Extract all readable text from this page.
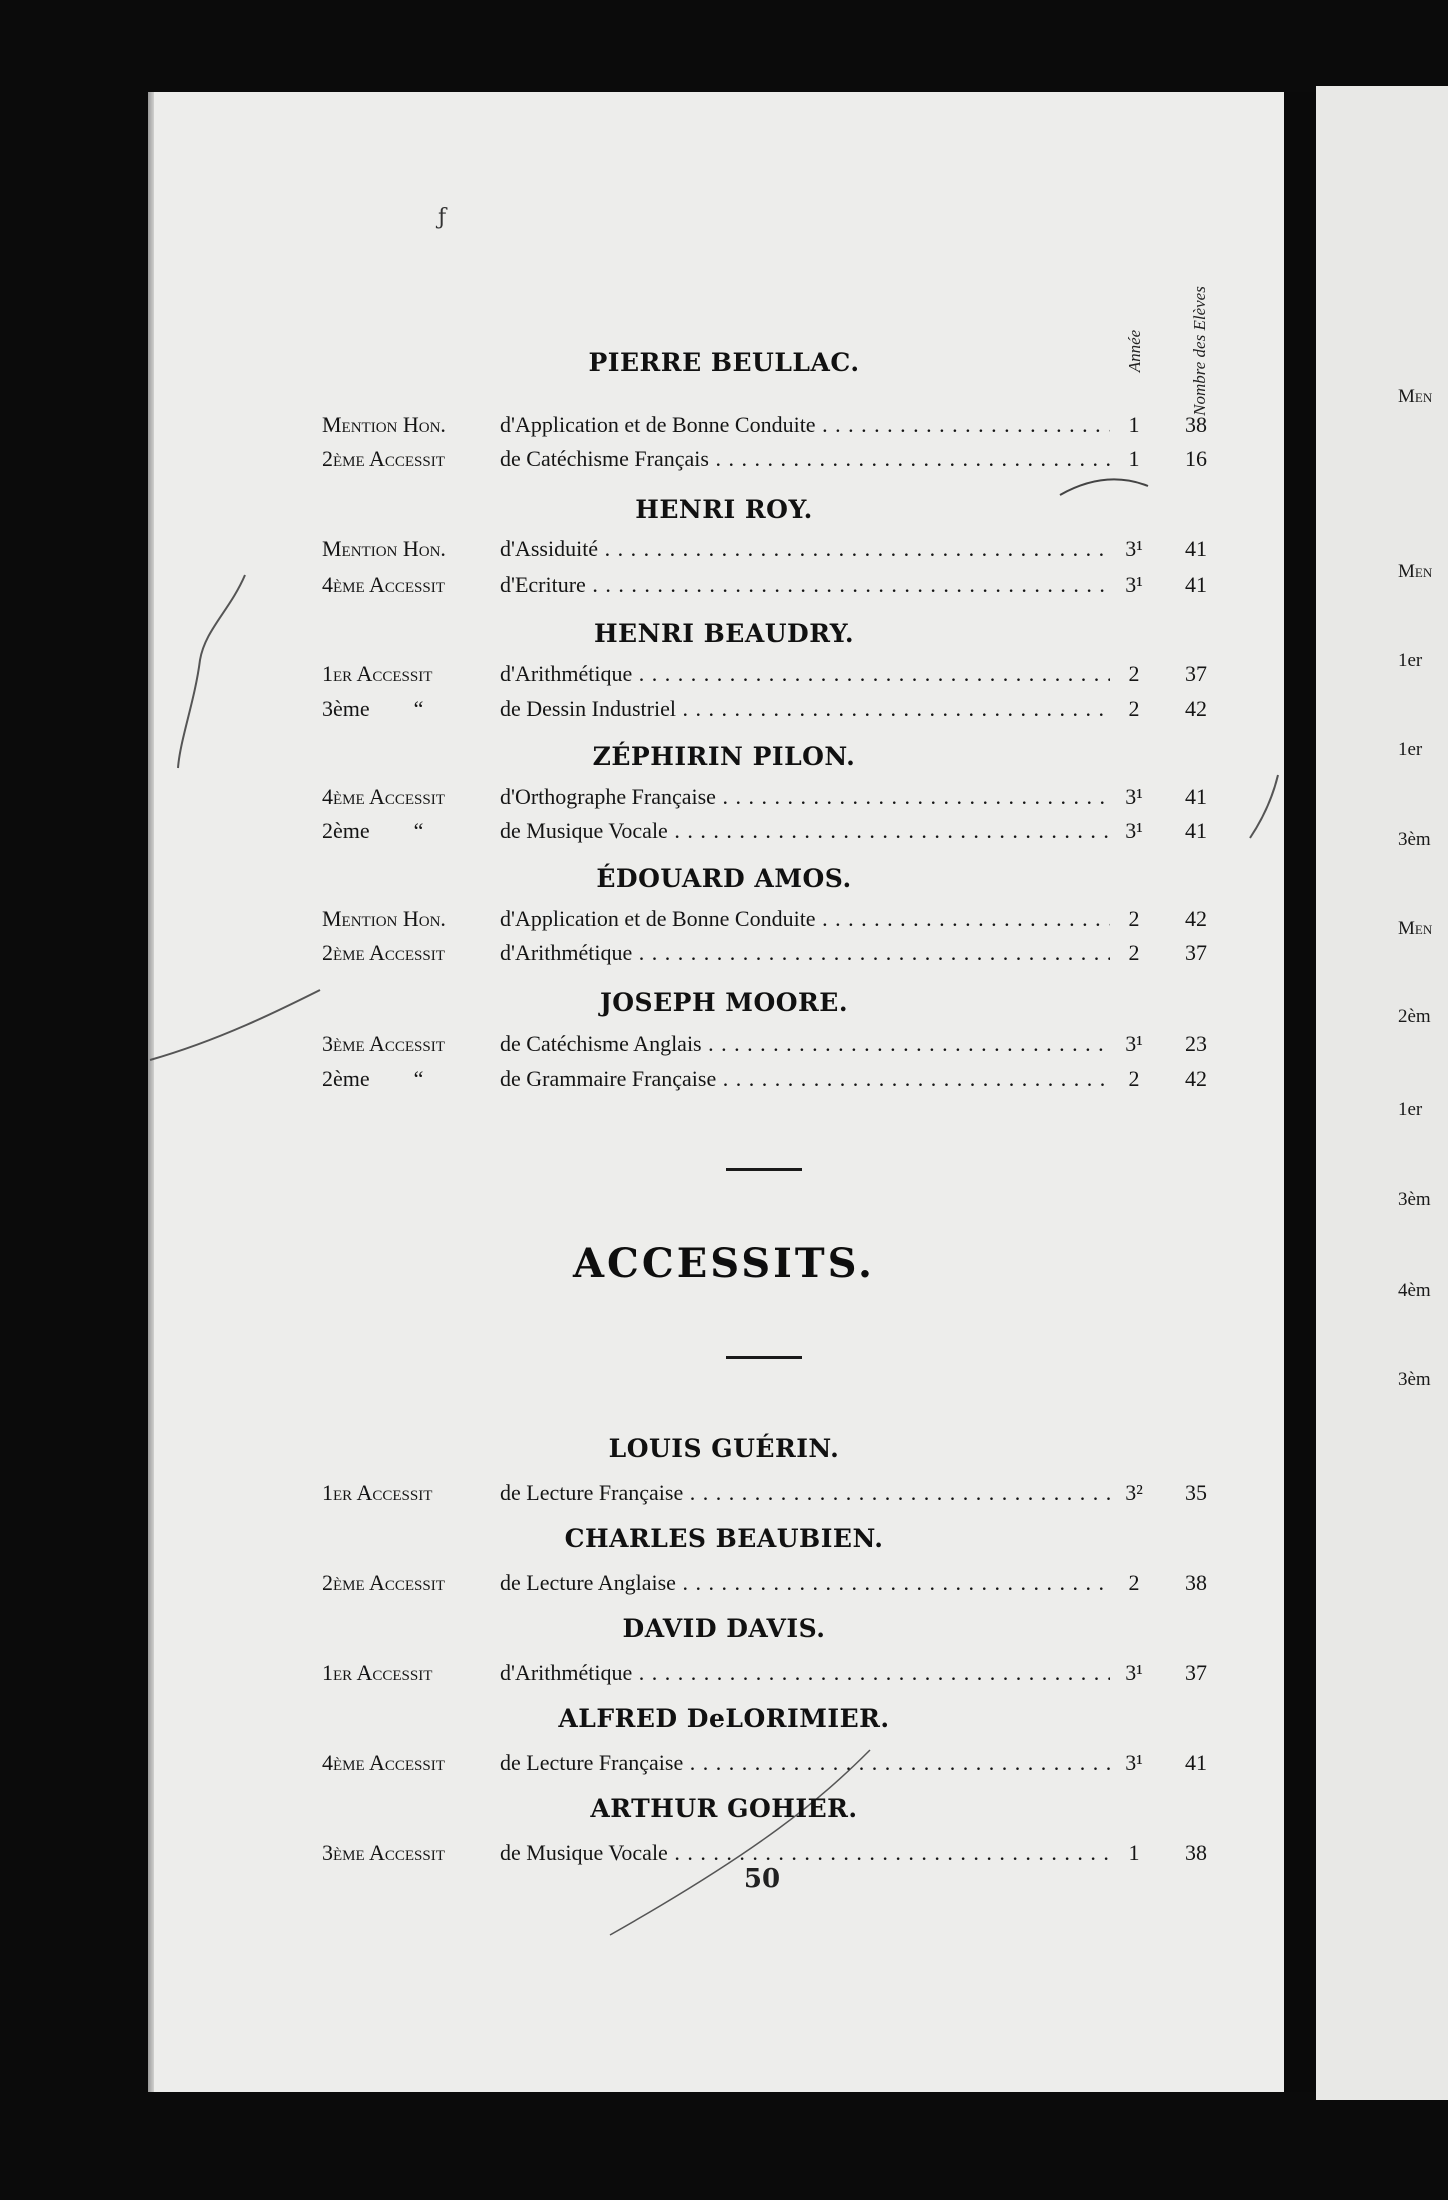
Men
Men
1er
1er
3èm
Men
2èm
1er
3èm
4èm
3èm
ƒ
Année	Nombre des Elèves
PIERRE BEULLAC.
Mention Hon. d'Application et de Bonne Conduite . . .	1	38
2ème Accessit	de Catéchisme Français . . .	1	16
HENRI ROY.
Mention Hon. d'Assiduité . . .	3¹	41
4ème Accessit	d'Ecriture . . .	3¹	41
HENRI BEAUDRY.
1er Accessit	d'Arithmétique . . .	2	37
3ème        “	de Dessin Industriel . . .	2	42
ZÉPHIRIN PILON.
4ème Accessit	d'Orthographe Française . . .	3¹	41
2ème        “	de Musique Vocale . . .	3¹	41
ÉDOUARD AMOS.
Mention Hon. d'Application et de Bonne Conduite . . .	2	42
2ème Accessit	d'Arithmétique . . .	2	37
JOSEPH MOORE.
3ème Accessit	de Catéchisme Anglais . . .	3¹	23
2ème        “	de Grammaire Française . . .	2	42
ACCESSITS.
LOUIS GUÉRIN.
1er Accessit	de Lecture Française . . .	3²	35
CHARLES BEAUBIEN.
2ème Accessit	de Lecture Anglaise . . .	2	38
DAVID DAVIS.
1er Accessit	d'Arithmétique . . .	3¹	37
ALFRED DeLORIMIER.
4ème Accessit	de Lecture Française . . .	3¹	41
ARTHUR GOHIER.
3ème Accessit	de Musique Vocale . . .	1	38
50
